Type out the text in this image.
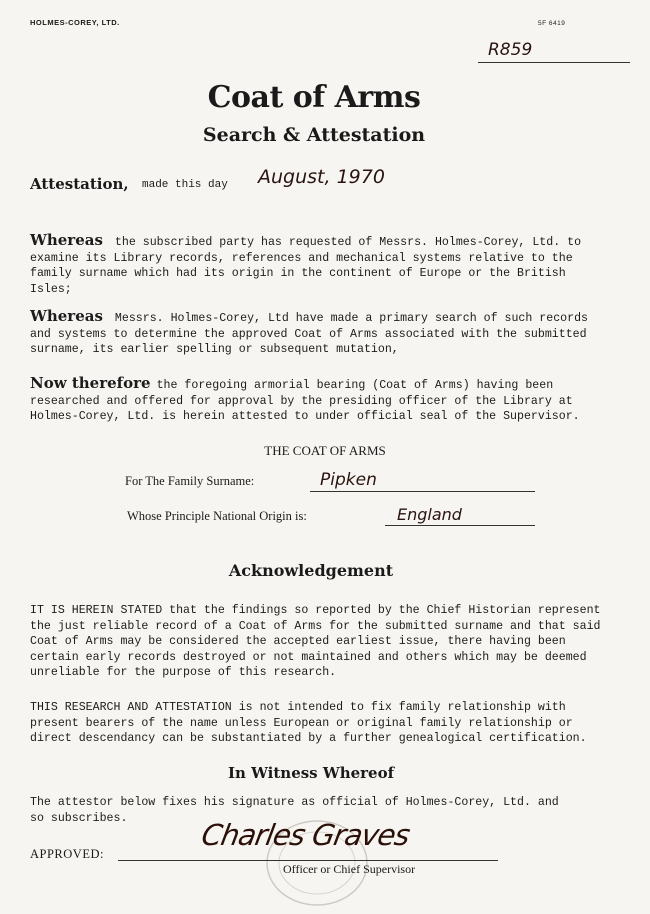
HOLMES-COREY, LTD.	5F 6419
R859
Coat of Arms
Search & Attestation
Attestation, made this day August, 1970

Whereas the subscribed party has requested of Messrs. Holmes-Corey, Ltd. to examine its Library records, references and mechanical systems relative to the family surname which had its origin in the continent of Europe or the British Isles;

Whereas Messrs. Holmes-Corey, Ltd have made a primary search of such records and systems to determine the approved Coat of Arms associated with the submitted surname, its earlier spelling or subsequent mutation,

Now therefore the foregoing armorial bearing (Coat of Arms) having been researched and offered for approval by the presiding officer of the Library at Holmes-Corey, Ltd. is herein attested to under official seal of the Supervisor.

THE COAT OF ARMS
For The Family Surname:	Pipken
Whose Principle National Origin is:	England
Acknowledgement
IT IS HEREIN STATED that the findings so reported by the Chief Historian represent the just reliable record of a Coat of Arms for the submitted surname and that said Coat of Arms may be considered the accepted earliest issue, there having been certain early records destroyed or not maintained and others which may be deemed unreliable for the purpose of this research.
THIS RESEARCH AND ATTESTATION is not intended to fix family relationship with present bearers of the name unless European or original family relationship or direct descendancy can be substantiated by a further genealogical certification.
In Witness Whereof
The attestor below fixes his signature as official of Holmes-Corey, Ltd. and so subscribes.
APPROVED:
Charles Graves
Officer or Chief Supervisor
